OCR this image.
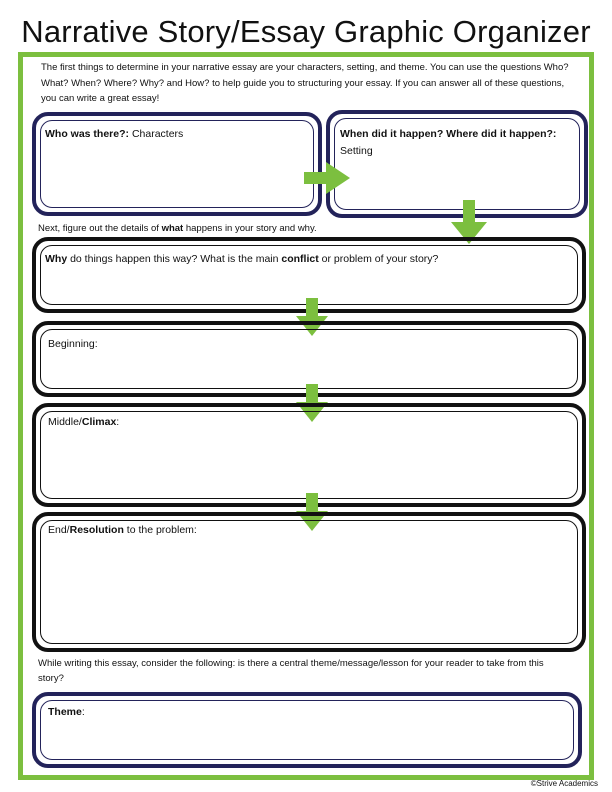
Narrative Story/Essay Graphic Organizer
The first things to determine in your narrative essay are your characters, setting, and theme. You can use the questions Who? What? When? Where? Why? and How? to help guide you to structuring your essay. If you can answer all of these questions, you can write a great essay!
Who was there?: Characters	When did it happen? Where did it happen?:
Setting
Next, figure out the details of what happens in your story and why.
Why do things happen this way? What is the main conflict or problem of your story?
Beginning:
Middle/Climax:
End/Resolution to the problem:
While writing this essay, consider the following: is there a central theme/message/lesson for your reader to take from this story?
Theme:
©Strive Academics
